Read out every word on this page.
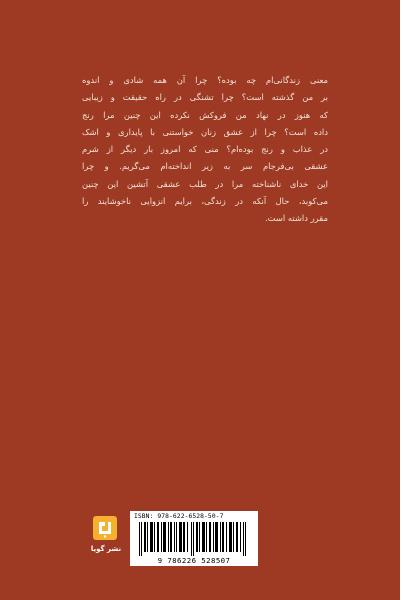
معنی زندگانی‌ام چه بوده؟ چرا آن همه شادی و اندوه
بر من گذشته است؟ چرا تشنگی در راه حقیقت و زیبایی
که هنوز در نهاد من فروکش نکرده این چنین مرا رنج
داده است؟ چرا از عشق زنان خواستنی با پایداری و اشک
در عذاب و رنج بوده‌ام؟ منی که امروز بار دیگر از شرم
عشقی بی‌فرجام سر به زیر انداخته‌ام می‌گریم. و چرا
این خدای ناشناخته مرا در طلب عشقی آتشین این چنین
می‌کوبد، حال آنکه در زندگی، برایم انزوایی ناخوشایند را
مقرر داشته است.
نشر گویا
ISBN: 978-622-6528-50-7
9 786226 528507
